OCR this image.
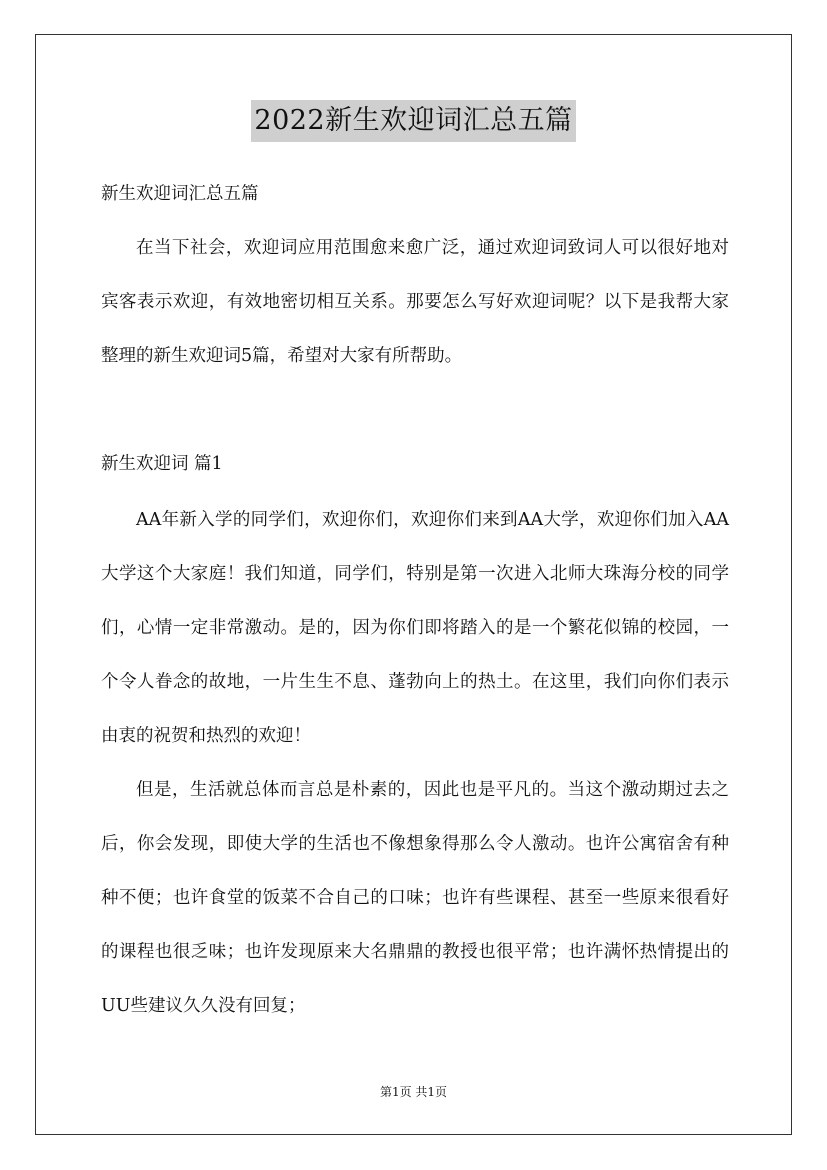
2022新生欢迎词汇总五篇
新生欢迎词汇总五篇

在当下社会，欢迎词应用范围愈来愈广泛，通过欢迎词致词人可以很好地对宾客表示欢迎，有效地密切相互关系。那要怎么写好欢迎词呢？以下是我帮大家整理的新生欢迎词5篇，希望对大家有所帮助。

新生欢迎词 篇1

AA年新入学的同学们，欢迎你们，欢迎你们来到AA大学，欢迎你们加入AA大学这个大家庭！我们知道，同学们，特别是第一次进入北师大珠海分校的同学们，心情一定非常激动。是的，因为你们即将踏入的是一个繁花似锦的校园，一个令人眷念的故地，一片生生不息、蓬勃向上的热土。在这里，我们向你们表示由衷的祝贺和热烈的欢迎！

但是，生活就总体而言总是朴素的，因此也是平凡的。当这个激动期过去之后，你会发现，即使大学的生活也不像想象得那么令人激动。也许公寓宿舍有种种不便；也许食堂的饭菜不合自己的口味；也许有些课程、甚至一些原来很看好的课程也很乏味；也许发现原来大名鼎鼎的教授也很平常；也许满怀热情提出的UU些建议久久没有回复；

第1页 共1页
